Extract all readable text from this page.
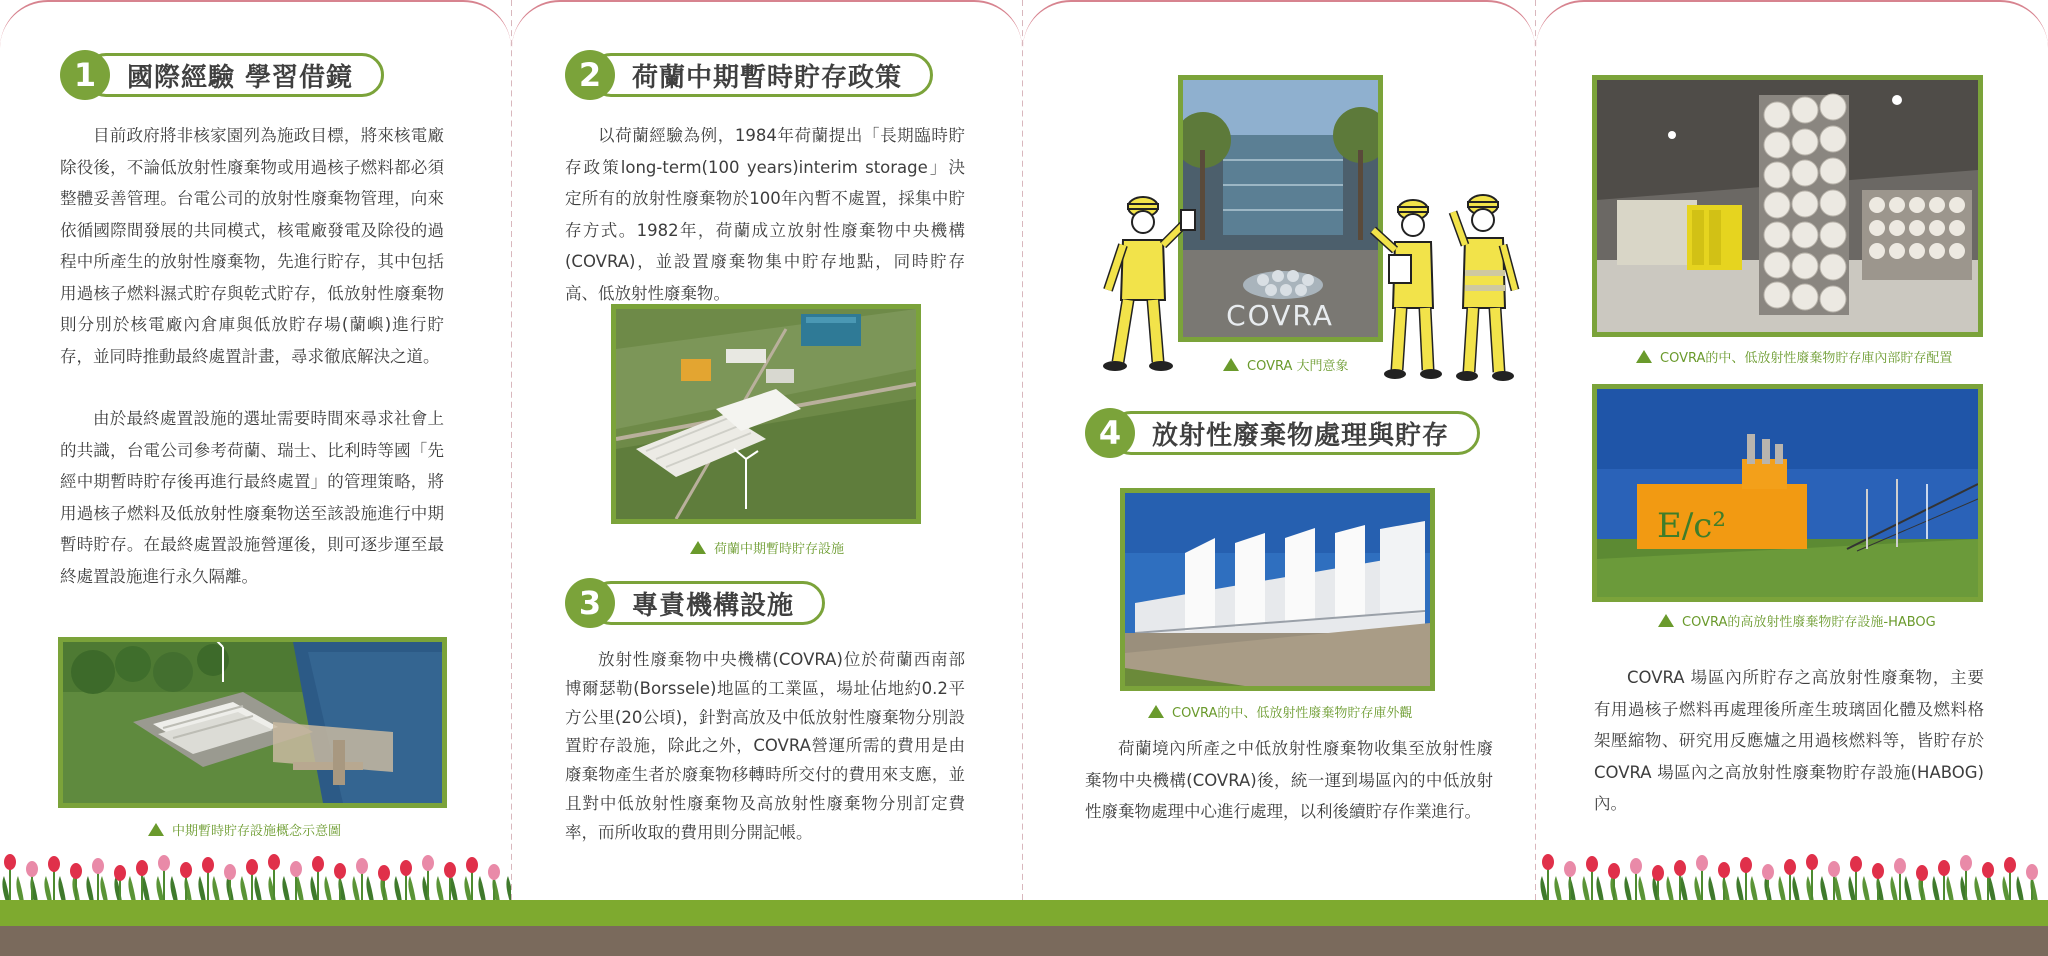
1	國際經驗 學習借鏡

目前政府將非核家園列為施政目標，將來核電廠除役後，不論低放射性廢棄物或用過核子燃料都必須整體妥善管理。台電公司的放射性廢棄物管理，向來依循國際間發展的共同模式，核電廠發電及除役的過程中所產生的放射性廢棄物，先進行貯存，其中包括用過核子燃料濕式貯存與乾式貯存，低放射性廢棄物則分別於核電廠內倉庫與低放貯存場(蘭嶼)進行貯存，並同時推動最終處置計畫，尋求徹底解決之道。

由於最終處置設施的選址需要時間來尋求社會上的共識，台電公司參考荷蘭、瑞士、比利時等國「先經中期暫時貯存後再進行最終處置」的管理策略，將用過核子燃料及低放射性廢棄物送至該設施進行中期暫時貯存。在最終處置設施營運後，則可逐步運至最終處置設施進行永久隔離。

中期暫時貯存設施概念示意圖
2	荷蘭中期暫時貯存政策

以荷蘭經驗為例，1984年荷蘭提出「長期臨時貯存政策long-term(100 years)interim storage」決定所有的放射性廢棄物於100年內暫不處置，採集中貯存方式。1982年，荷蘭成立放射性廢棄物中央機構(COVRA)，並設置廢棄物集中貯存地點，同時貯存高、低放射性廢棄物。

荷蘭中期暫時貯存設施
3	專責機構設施

放射性廢棄物中央機構(COVRA)位於荷蘭西南部博爾瑟勒(Borssele)地區的工業區，場址佔地約0.2平方公里(20公頃)，針對高放及中低放射性廢棄物分別設置貯存設施，除此之外，COVRA營運所需的費用是由廢棄物產生者於廢棄物移轉時所交付的費用來支應，並且對中低放射性廢棄物及高放射性廢棄物分別訂定費率，而所收取的費用則分開記帳。

COVRA
COVRA 大門意象
4	放射性廢棄物處理與貯存
COVRA的中、低放射性廢棄物貯存庫外觀

荷蘭境內所產之中低放射性廢棄物收集至放射性廢棄物中央機構(COVRA)後，統一運到場區內的中低放射性廢棄物處理中心進行處理，以利後續貯存作業進行。

COVRA的中、低放射性廢棄物貯存庫內部貯存配置
E/c²
COVRA的高放射性廢棄物貯存設施-HABOG

COVRA 場區內所貯存之高放射性廢棄物，主要有用過核子燃料再處理後所產生玻璃固化體及燃料格架壓縮物、研究用反應爐之用過核燃料等，皆貯存於 COVRA 場區內之高放射性廢棄物貯存設施(HABOG) 內。
